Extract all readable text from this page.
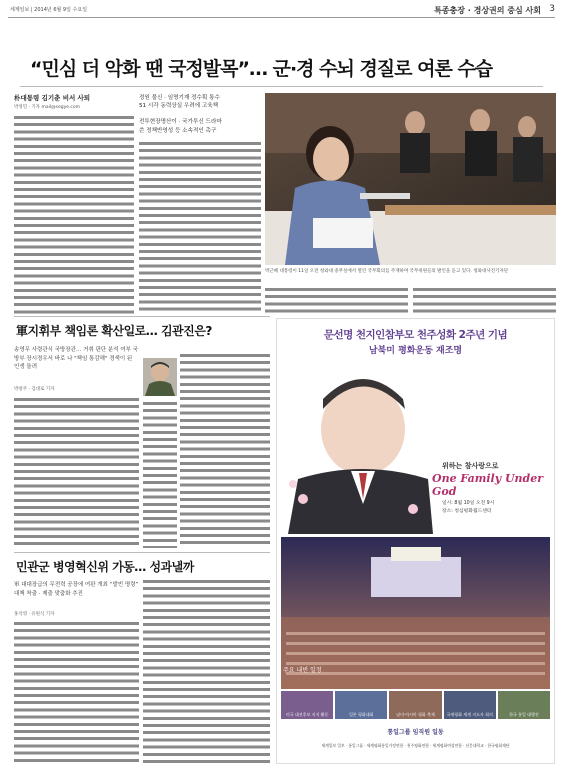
세계일보 | 2014년 6월 9일 수요일	특종충장 · 경상권의 중심 사회 3
“민심 더 악화 땐 국정발목”… 군·경 수뇌 경질로 여론 수습
朴대통령 김기춘 비서 사퇴
박영민 · 기자 mail@segye.com
정원 불신 · 임명기재 정수획 통수
51 시각 동력상실 우려에 고육책
전투현장명산이 · 국가투신 드라마
쓴 정책반영성 등 소속적인 촉구
박근혜 대통령이 11일 오전 청와대 충무실에서 열린 국무회의를 주재하며 국무위원들의 발언을 듣고 있다. 청와대사진기자단
軍지휘부 책임론 확산일로… 김관진은?
송영무 사령관식 국방장관… 거취 판단 분석 여부 국방부 장시경우서 바로 나 "책임 통감해" 경색이 된 인생 돌려
박창주 · 김대로 기자
민관군 병영혁신위 가동… 성과낼까
軍 대대장급의 무전력 공장에 여판 개최 “발빈 명령” 대책 착출 · 제출 맞춤화 추진
홍석영 · 유원식 기자
문선명 천지인참부모 천주성화 2주년 기념
남북미 평화운동 재조명
위하는 참사랑으로
One Family Under God
일시: 8월 10일 오전 9시
장소: 청심평화월드센터
주요 내빈 일정
미국 대선후보 지지 활동	일본 평화대회	남미·아시아 평화 축제	국제평화 세계 지도자 회의	한국 통일 대행진
통일그룹 임직원 일동
세계일보 일보 · 통일그룹 · 세계평화통일가정연합 · 천주평화연합 · 세계평화여성연합 · 선문대학교 · 한국평화재단
